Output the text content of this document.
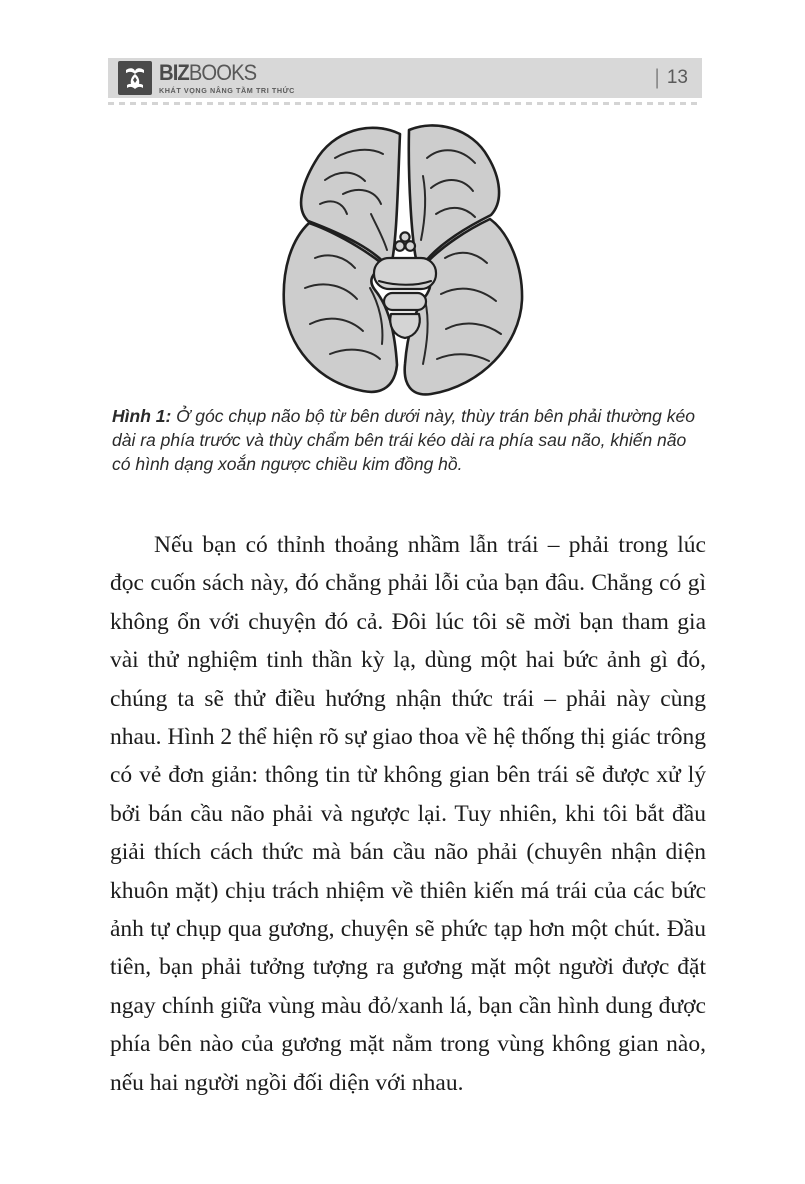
BIZBOOKS
KHÁT VỌNG NÂNG TẦM TRI THỨC
| 13
Hình 1: Ở góc chụp não bộ từ bên dưới này, thùy trán bên phải thường kéo dài ra phía trước và thùy chẩm bên trái kéo dài ra phía sau não, khiến não có hình dạng xoắn ngược chiều kim đồng hồ.

Nếu bạn có thỉnh thoảng nhầm lẫn trái – phải trong lúc đọc cuốn sách này, đó chẳng phải lỗi của bạn đâu. Chẳng có gì không ổn với chuyện đó cả. Đôi lúc tôi sẽ mời bạn tham gia vài thử nghiệm tinh thần kỳ lạ, dùng một hai bức ảnh gì đó, chúng ta sẽ thử điều hướng nhận thức trái – phải này cùng nhau. Hình 2 thể hiện rõ sự giao thoa về hệ thống thị giác trông có vẻ đơn giản: thông tin từ không gian bên trái sẽ được xử lý bởi bán cầu não phải và ngược lại. Tuy nhiên, khi tôi bắt đầu giải thích cách thức mà bán cầu não phải (chuyên nhận diện khuôn mặt) chịu trách nhiệm về thiên kiến má trái của các bức ảnh tự chụp qua gương, chuyện sẽ phức tạp hơn một chút. Đầu tiên, bạn phải tưởng tượng ra gương mặt một người được đặt ngay chính giữa vùng màu đỏ/xanh lá, bạn cần hình dung được phía bên nào của gương mặt nằm trong vùng không gian nào, nếu hai người ngồi đối diện với nhau.
